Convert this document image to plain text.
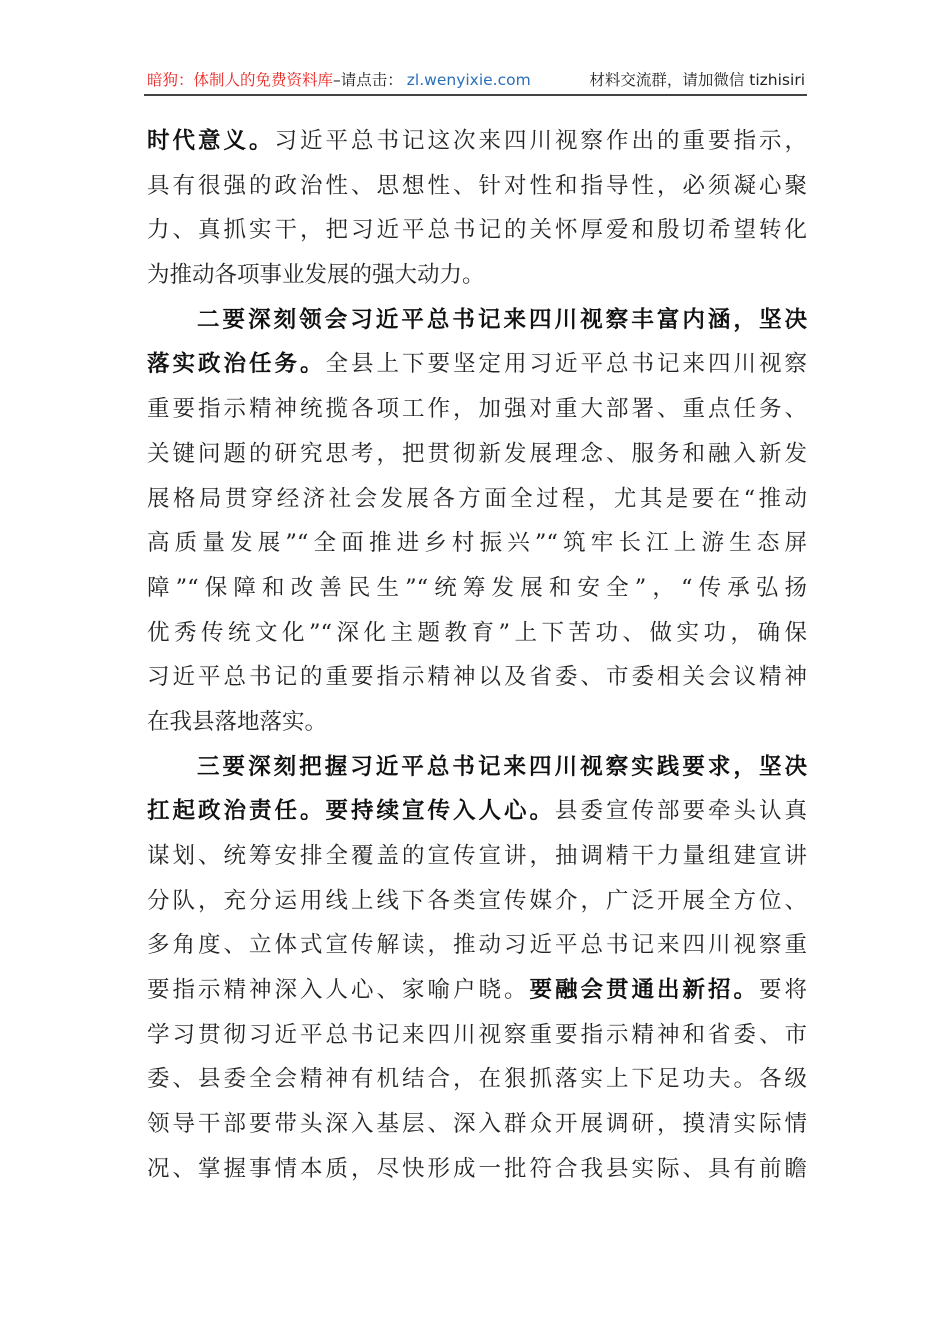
暗狗：体制人的免费资料库 –请点击： zl.wenyixie.com	材料交流群，请加微信 tizhisiri
时代意义。习近平总书记这次来四川视察作出的重要指示，
具有很强的政治性、思想性、针对性和指导性，必须凝心聚
力、真抓实干，把习近平总书记的关怀厚爱和殷切希望转化
为推动各项事业发展的强大动力。
二要深刻领会习近平总书记来四川视察丰富内涵，坚决
落实政治任务。全县上下要坚定用习近平总书记来四川视察
重要指示精神统揽各项工作，加强对重大部署、重点任务、
关键问题的研究思考，把贯彻新发展理念、服务和融入新发
展格局贯穿经济社会发展各方面全过程，尤其是要在“推动
高质量发展”“全面推进乡村振兴”“筑牢长江上游生态屏
障”“保障和改善民生”“统筹发展和安全”，“传承弘扬
优秀传统文化”“深化主题教育”上下苦功、做实功，确保
习近平总书记的重要指示精神以及省委、市委相关会议精神
在我县落地落实。
三要深刻把握习近平总书记来四川视察实践要求，坚决
扛起政治责任。要持续宣传入人心。县委宣传部要牵头认真
谋划、统筹安排全覆盖的宣传宣讲，抽调精干力量组建宣讲
分队，充分运用线上线下各类宣传媒介，广泛开展全方位、
多角度、立体式宣传解读，推动习近平总书记来四川视察重
要指示精神深入人心、家喻户晓。要融会贯通出新招。要将
学习贯彻习近平总书记来四川视察重要指示精神和省委、市
委、县委全会精神有机结合，在狠抓落实上下足功夫。各级
领导干部要带头深入基层、深入群众开展调研，摸清实际情
况、掌握事情本质，尽快形成一批符合我县实际、具有前瞻
